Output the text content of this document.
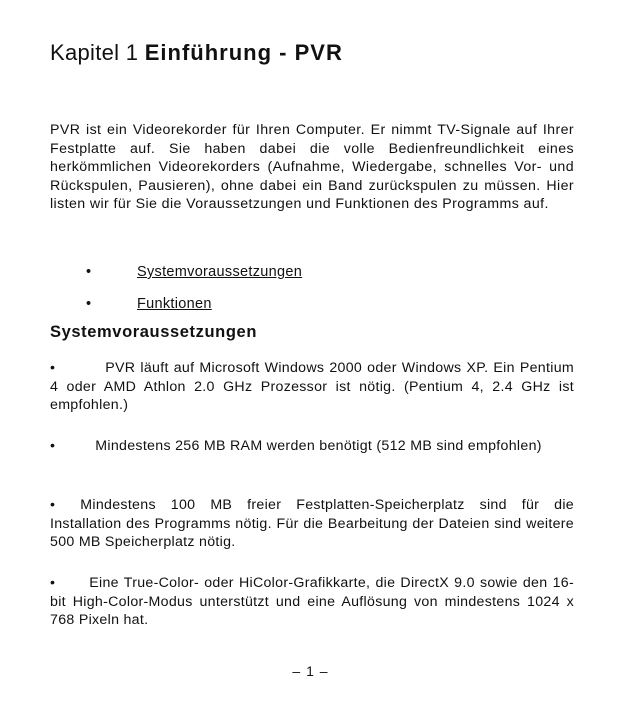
Kapitel 1 Einführung - PVR

PVR ist ein Videorekorder für Ihren Computer. Er nimmt TV-Signale auf Ihrer Festplatte auf. Sie haben dabei die volle Bedienfreundlichkeit eines herkömmlichen Videorekorders (Aufnahme, Wiedergabe, schnelles Vor- und Rückspulen, Pausieren), ohne dabei ein Band zurückspulen zu müssen. Hier listen wir für Sie die Voraussetzungen und Funktionen des Programms auf.

•	Systemvoraussetzungen
•	Funktionen
Systemvoraussetzungen

•	PVR läuft auf Microsoft Windows 2000 oder Windows XP. Ein Pentium 4 oder AMD Athlon 2.0 GHz Prozessor ist nötig. (Pentium 4, 2.4 GHz ist empfohlen.)

•	Mindestens 256 MB RAM werden benötigt (512 MB sind empfohlen)

• Mindestens 100 MB freier Festplatten-Speicherplatz sind für die Installation des Programms nötig. Für die Bearbeitung der Dateien sind weitere 500 MB Speicherplatz nötig.

• Eine True-Color- oder HiColor-Grafikkarte, die DirectX 9.0 sowie den 16-bit High-Color-Modus unterstützt und eine Auflösung von mindestens 1024 x 768 Pixeln hat.

– 1 –
